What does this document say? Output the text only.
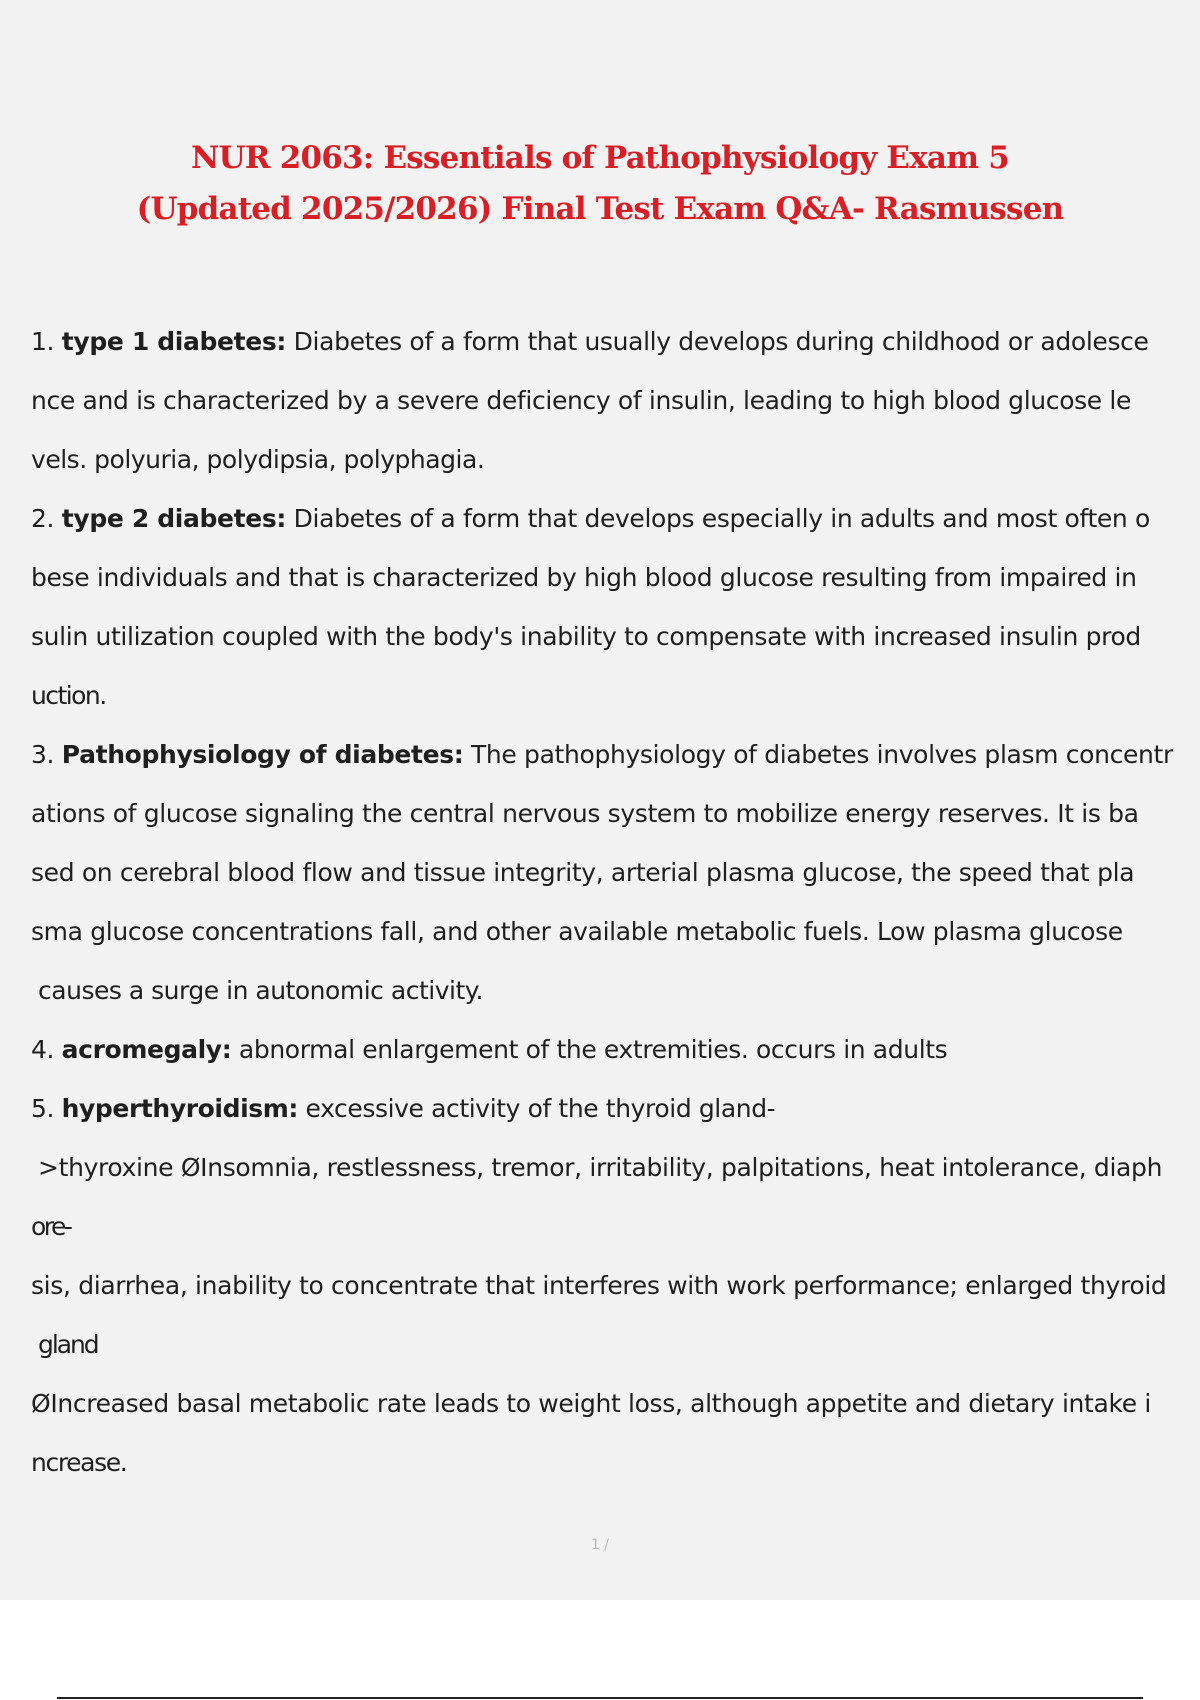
NUR 2063: Essentials of Pathophysiology Exam 5
(Updated 2025/2026) Final Test Exam Q&A- Rasmussen
1. type 1 diabetes: Diabetes of a form that usually develops during childhood or adolesce
nce and is characterized by a severe deficiency of insulin, leading to high blood glucose le
vels. polyuria, polydipsia, polyphagia.
2. type 2 diabetes: Diabetes of a form that develops especially in adults and most often o
bese individuals and that is characterized by high blood glucose resulting from impaired in
sulin utilization coupled with the body's inability to compensate with increased insulin prod
uction.
3. Pathophysiology of diabetes: The pathophysiology of diabetes involves plasm concentr
ations of glucose signaling the central nervous system to mobilize energy reserves. It is ba
sed on cerebral blood flow and tissue integrity, arterial plasma glucose, the speed that pla
sma glucose concentrations fall, and other available metabolic fuels. Low plasma glucose
causes a surge in autonomic activity.
4. acromegaly: abnormal enlargement of the extremities. occurs in adults
5. hyperthyroidism: excessive activity of the thyroid gland-
>thyroxine ØInsomnia, restlessness, tremor, irritability, palpitations, heat intolerance, diaph
ore-
sis, diarrhea, inability to concentrate that interferes with work performance; enlarged thyroid
gland
ØIncreased basal metabolic rate leads to weight loss, although appetite and dietary intake i
ncrease.
1 /
